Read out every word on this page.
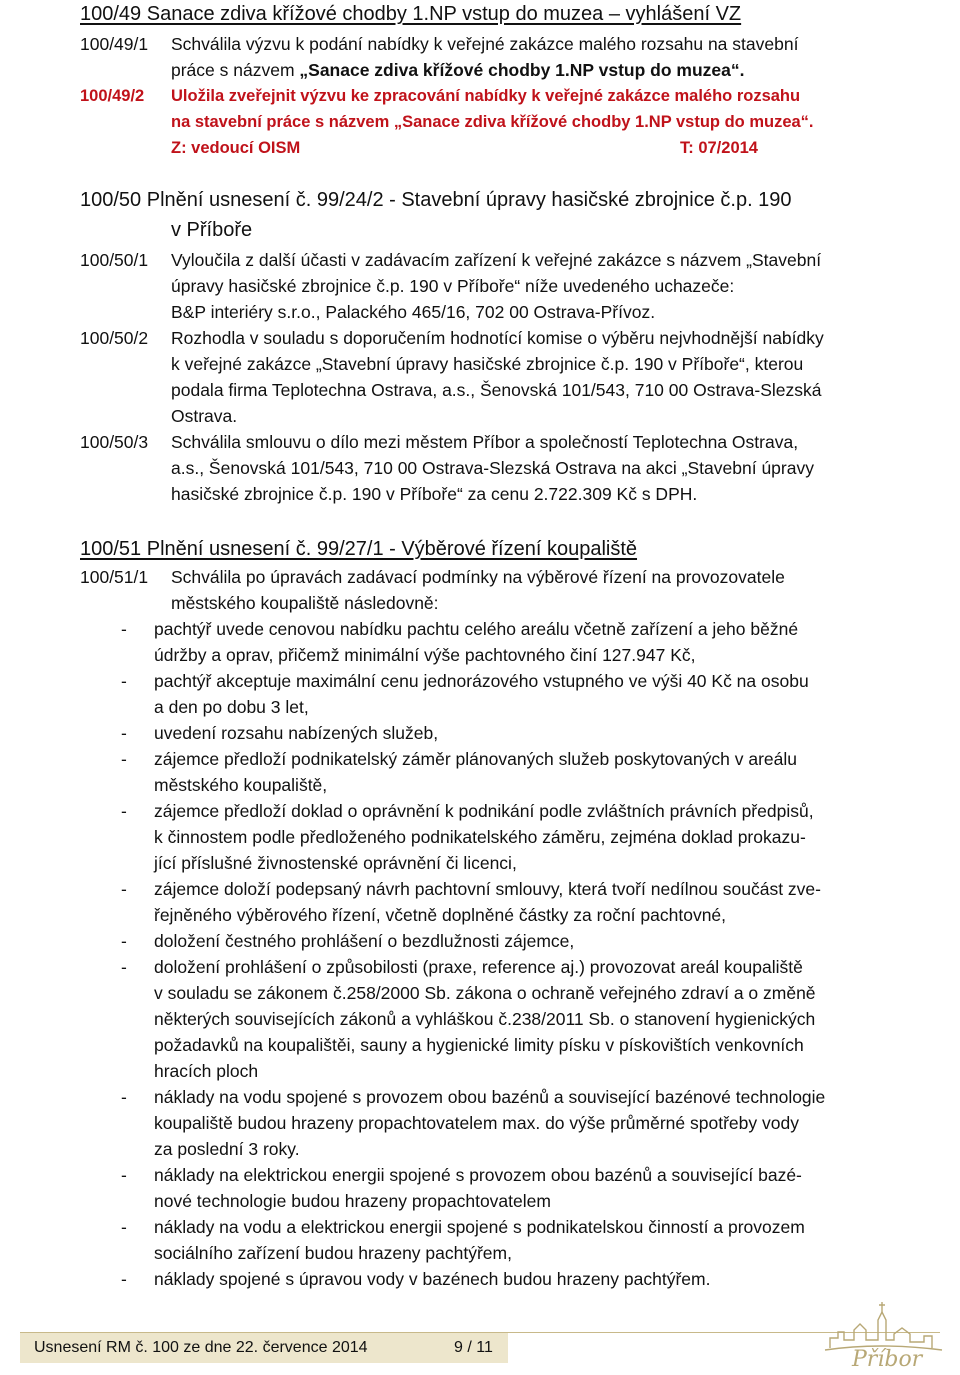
100/49 Sanace zdiva křížové chodby 1.NP vstup do muzea – vyhlášení VZ
100/49/1 Schválila výzvu k podání nabídky k veřejné zakázce malého rozsahu na stavební
práce s názvem „Sanace zdiva křížové chodby 1.NP vstup do muzea“.
100/49/2 Uložila zveřejnit výzvu ke zpracování nabídky k veřejné zakázce malého rozsahu
na stavební práce s názvem „Sanace zdiva křížové chodby 1.NP vstup do muzea“.
Z: vedoucí OISM	T: 07/2014
100/50 Plnění usnesení č. 99/24/2 - Stavební úpravy hasičské zbrojnice č.p. 190
v Příboře
100/50/1 Vyloučila z další účasti v zadávacím zařízení k veřejné zakázce s názvem „Stavební
úpravy hasičské zbrojnice č.p. 190 v Příboře“ níže uvedeného uchazeče:
B&P interiéry s.r.o., Palackého 465/16, 702 00 Ostrava-Přívoz.
100/50/2 Rozhodla v souladu s doporučením hodnotící komise o výběru nejvhodnější nabídky
k veřejné zakázce „Stavební úpravy hasičské zbrojnice č.p. 190 v Příboře“, kterou
podala firma Teplotechna Ostrava, a.s., Šenovská 101/543, 710 00 Ostrava-Slezská
Ostrava.
100/50/3 Schválila smlouvu o dílo mezi městem Příbor a společností Teplotechna Ostrava,
a.s., Šenovská 101/543, 710 00 Ostrava-Slezská Ostrava na akci „Stavební úpravy
hasičské zbrojnice č.p. 190 v Příboře“ za cenu 2.722.309 Kč s DPH.
100/51 Plnění usnesení č. 99/27/1 - Výběrové řízení koupaliště
100/51/1 Schválila po úpravách zadávací podmínky na výběrové řízení na provozovatele
městského koupaliště následovně:
- pachtýř uvede cenovou nabídku pachtu celého areálu včetně zařízení a jeho běžné
údržby a oprav, přičemž minimální výše pachtovného činí 127.947 Kč,
- pachtýř akceptuje maximální cenu jednorázového vstupného ve výši 40 Kč na osobu
a den po dobu 3 let,
- uvedení rozsahu nabízených služeb,
- zájemce předloží podnikatelský záměr plánovaných služeb poskytovaných v areálu
městského koupaliště,
- zájemce předloží doklad o oprávnění k podnikání podle zvláštních právních předpisů,
k činnostem podle předloženého podnikatelského záměru, zejména doklad prokazu-
jící příslušné živnostenské oprávnění či licenci,
- zájemce doloží podepsaný návrh pachtovní smlouvy, která tvoří nedílnou součást zve-
řejněného výběrového řízení, včetně doplněné částky za roční pachtovné,
- doložení čestného prohlášení o bezdlužnosti zájemce,
- doložení prohlášení o způsobilosti (praxe, reference aj.) provozovat areál koupaliště
v souladu se zákonem č.258/2000 Sb. zákona o ochraně veřejného zdraví a o změně
některých souvisejících zákonů a vyhláškou č.238/2011 Sb. o stanovení hygienických
požadavků na koupalištěi, sauny a hygienické limity písku v pískovištích venkovních
hracích ploch
- náklady na vodu spojené s provozem obou bazénů a související bazénové technologie
koupaliště budou hrazeny propachtovatelem max. do výše průměrné spotřeby vody
za poslední 3 roky.
- náklady na elektrickou energii spojené s provozem obou bazénů a související bazé-
nové technologie budou hrazeny propachtovatelem
- náklady na vodu a elektrickou energii spojené s podnikatelskou činností a provozem
sociálního zařízení budou hrazeny pachtýřem,
- náklady spojené s úpravou vody v bazénech budou hrazeny pachtýřem.
Usnesení RM č. 100 ze dne 22. července 2014	9 / 11	Příbor
